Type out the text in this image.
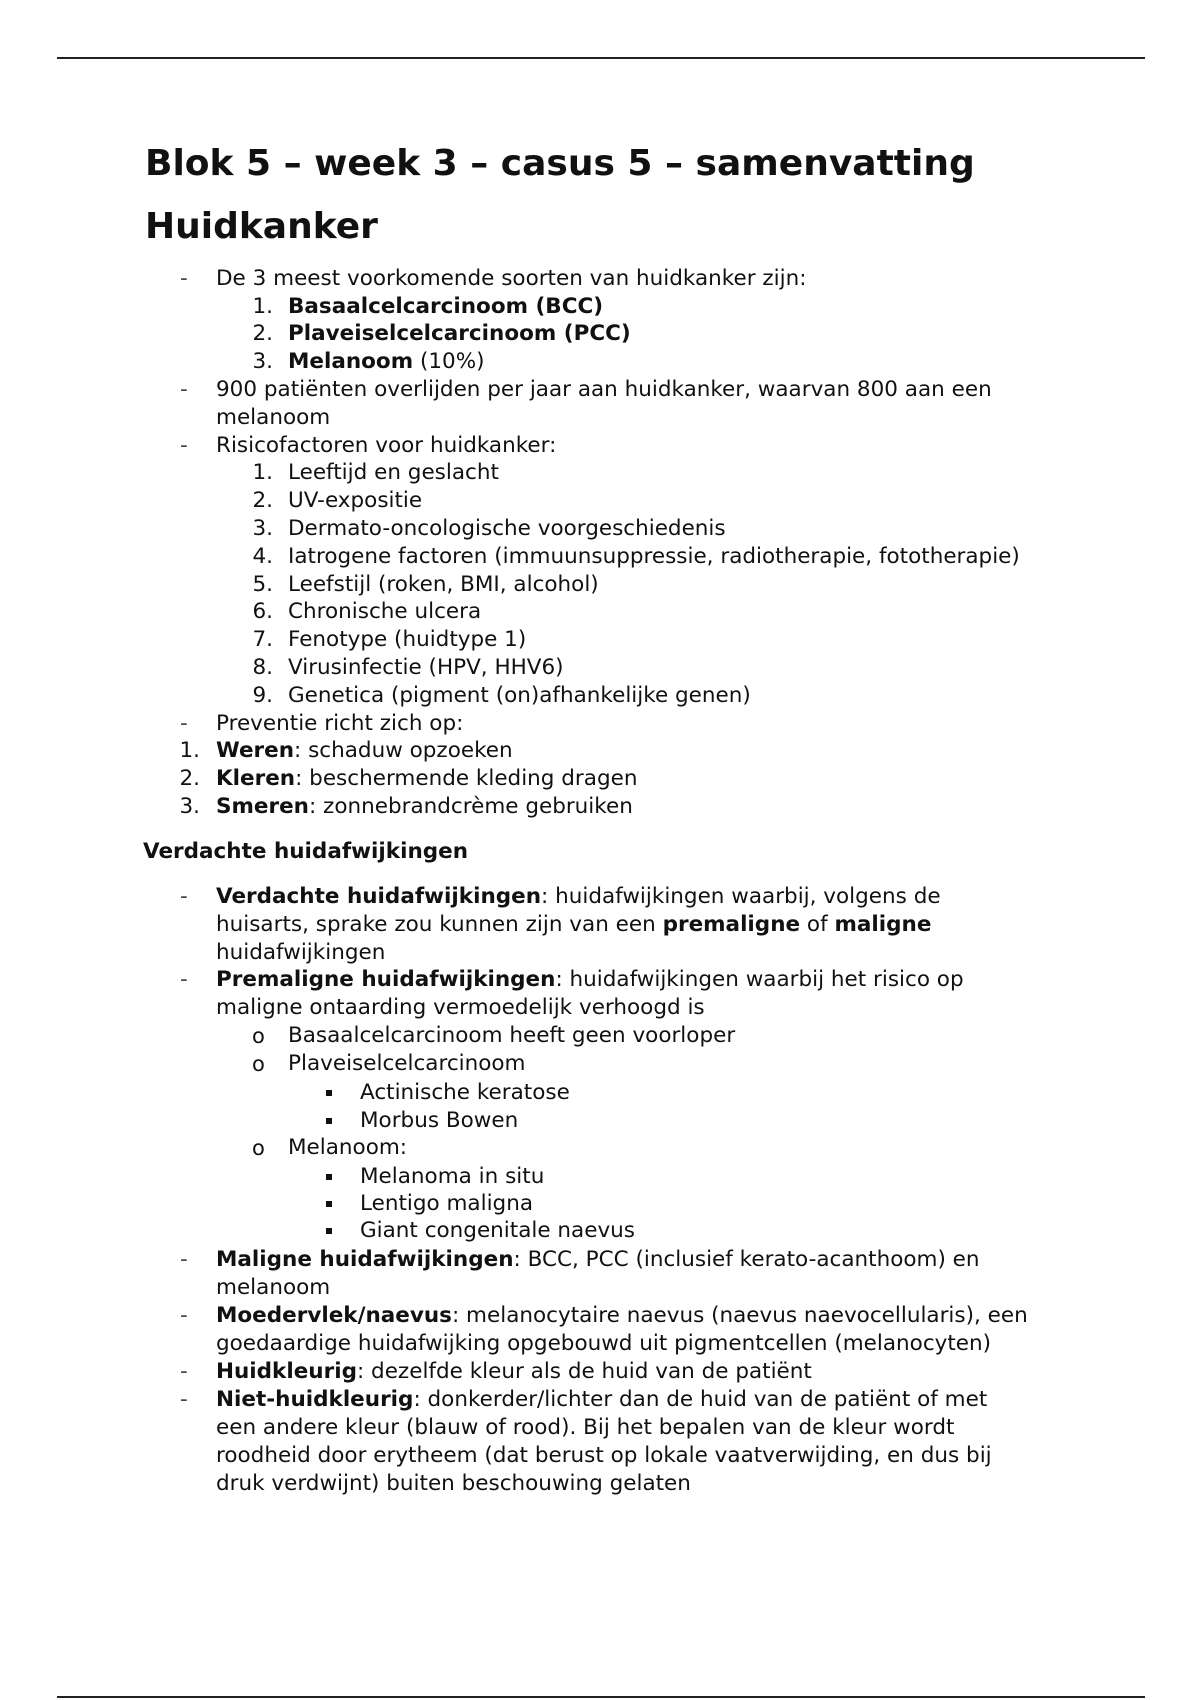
Blok 5 – week 3 – casus 5 – samenvatting
Huidkanker
- De 3 meest voorkomende soorten van huidkanker zijn:
1. Basaalcelcarcinoom (BCC)
2. Plaveiselcelcarcinoom (PCC)
3. Melanoom (10%)
- 900 patiënten overlijden per jaar aan huidkanker, waarvan 800 aan een
melanoom
- Risicofactoren voor huidkanker:
1. Leeftijd en geslacht
2. UV-expositie
3. Dermato-oncologische voorgeschiedenis
4. Iatrogene factoren (immuunsuppressie, radiotherapie, fototherapie)
5. Leefstijl (roken, BMI, alcohol)
6. Chronische ulcera
7. Fenotype (huidtype 1)
8. Virusinfectie (HPV, HHV6)
9. Genetica (pigment (on)afhankelijke genen)
- Preventie richt zich op:
1. Weren: schaduw opzoeken
2. Kleren: beschermende kleding dragen
3. Smeren: zonnebrandcrème gebruiken
Verdachte huidafwijkingen
- Verdachte huidafwijkingen: huidafwijkingen waarbij, volgens de
huisarts, sprake zou kunnen zijn van een premaligne of maligne
huidafwijkingen
- Premaligne huidafwijkingen: huidafwijkingen waarbij het risico op
maligne ontaarding vermoedelijk verhoogd is
o Basaalcelcarcinoom heeft geen voorloper
o Plaveiselcelcarcinoom
Actinische keratose
Morbus Bowen
o Melanoom:
Melanoma in situ
Lentigo maligna
Giant congenitale naevus
- Maligne huidafwijkingen: BCC, PCC (inclusief kerato-acanthoom) en
melanoom
- Moedervlek/naevus: melanocytaire naevus (naevus naevocellularis), een
goedaardige huidafwijking opgebouwd uit pigmentcellen (melanocyten)
- Huidkleurig: dezelfde kleur als de huid van de patiënt
- Niet-huidkleurig: donkerder/lichter dan de huid van de patiënt of met
een andere kleur (blauw of rood). Bij het bepalen van de kleur wordt
roodheid door erytheem (dat berust op lokale vaatverwijding, en dus bij
druk verdwijnt) buiten beschouwing gelaten
